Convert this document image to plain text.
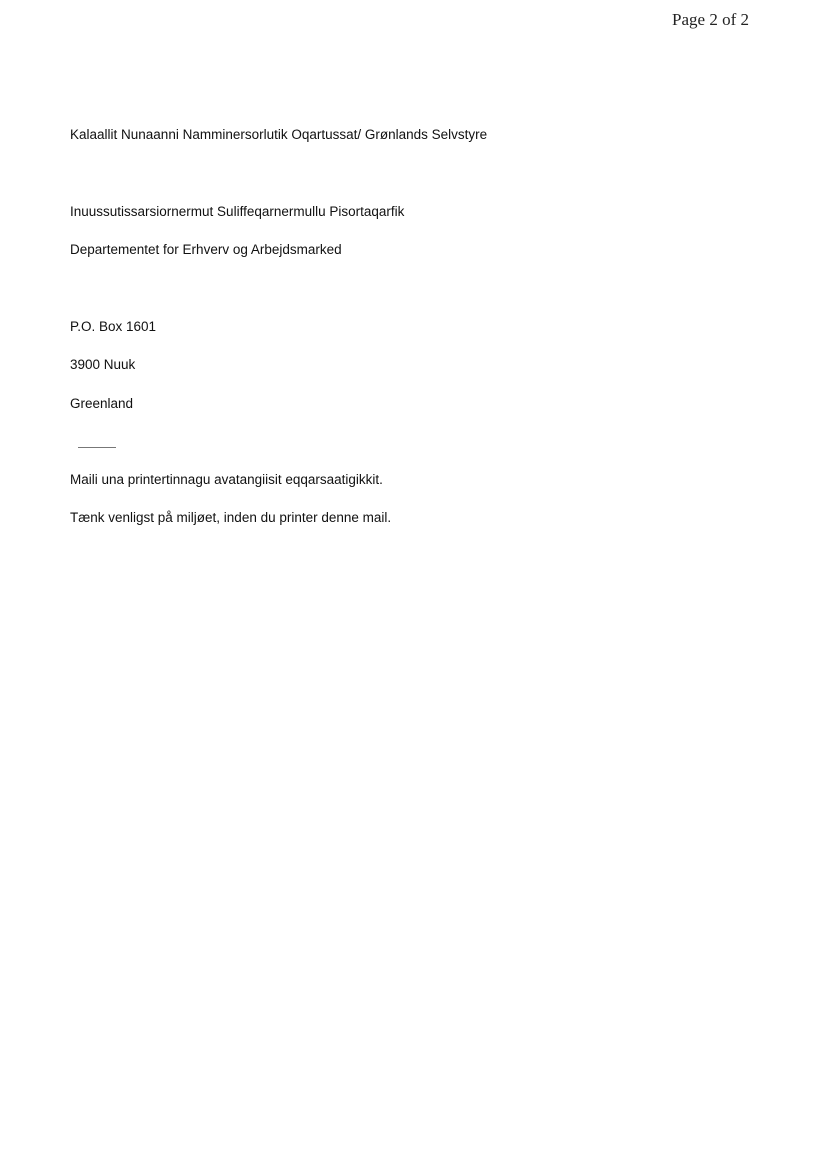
Page 2 of 2
Kalaallit Nunaanni Namminersorlutik Oqartussat/ Grønlands Selvstyre
Inuussutissarsiornermut Suliffeqarnermullu Pisortaqarfik
Departementet for Erhverv og Arbejdsmarked
P.O. Box 1601
3900 Nuuk
Greenland
Maili una printertinnagu avatangiisit eqqarsaatigikkit.
Tænk venligst på miljøet, inden du printer denne mail.
